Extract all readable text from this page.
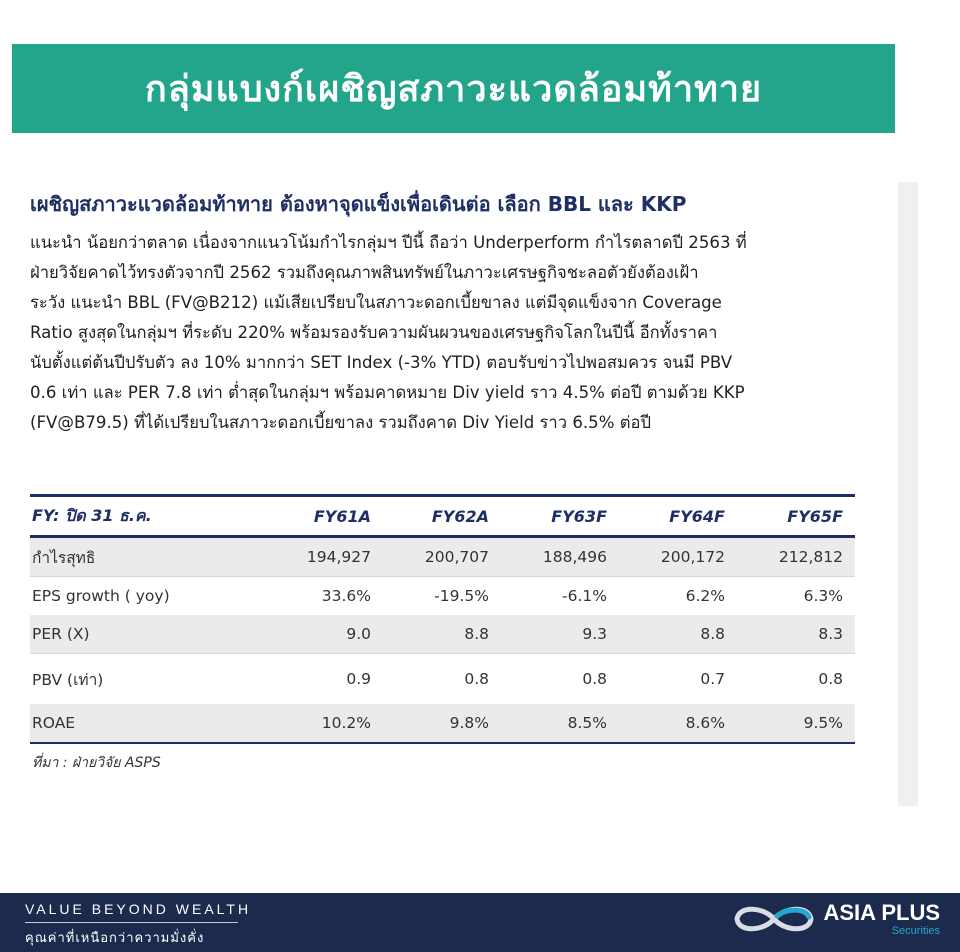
กลุ่มแบงก์เผชิญสภาวะแวดล้อมท้าทาย
เผชิญสภาวะแวดล้อมท้าทาย ต้องหาจุดแข็งเพื่อเดินต่อ เลือก BBL และ KKP

แนะนำ น้อยกว่าตลาด เนื่องจากแนวโน้มกำไรกลุ่มฯ ปีนี้ ถือว่า Underperform กำไรตลาดปี 2563 ที่
ฝ่ายวิจัยคาดไว้ทรงตัวจากปี 2562 รวมถึงคุณภาพสินทรัพย์ในภาวะเศรษฐกิจชะลอตัวยังต้องเฝ้า
ระวัง แนะนำ BBL (FV@B212) แม้เสียเปรียบในสภาวะดอกเบี้ยขาลง แต่มีจุดแข็งจาก Coverage
Ratio สูงสุดในกลุ่มฯ ที่ระดับ 220% พร้อมรองรับความผันผวนของเศรษฐกิจโลกในปีนี้ อีกทั้งราคา
นับตั้งแต่ต้นปีปรับตัว ลง 10% มากกว่า SET Index (-3% YTD) ตอบรับข่าวไปพอสมควร จนมี PBV
0.6 เท่า และ PER 7.8 เท่า ต่ำสุดในกลุ่มฯ พร้อมคาดหมาย Div yield ราว 4.5% ต่อปี ตามด้วย KKP
(FV@B79.5) ที่ได้เปรียบในสภาวะดอกเบี้ยขาลง รวมถึงคาด Div Yield ราว 6.5% ต่อปี

FY: ปิด 31 ธ.ค.	FY61A	FY62A	FY63F	FY64F	FY65F
กำไรสุทธิ	194,927	200,707	188,496	200,172	212,812
EPS growth ( yoy)	33.6%	-19.5%	-6.1%	6.2%	6.3%
PER (X)	9.0	8.8	9.3	8.8	8.3
PBV (เท่า)	0.9	0.8	0.8	0.7	0.8
ROAE	10.2%	9.8%	8.5%	8.6%	9.5%
ที่มา : ฝ่ายวิจัย ASPS
VALUE BEYOND WEALTH
คุณค่าที่เหนือกว่าความมั่งคั่ง
ASIA PLUS
Securities
